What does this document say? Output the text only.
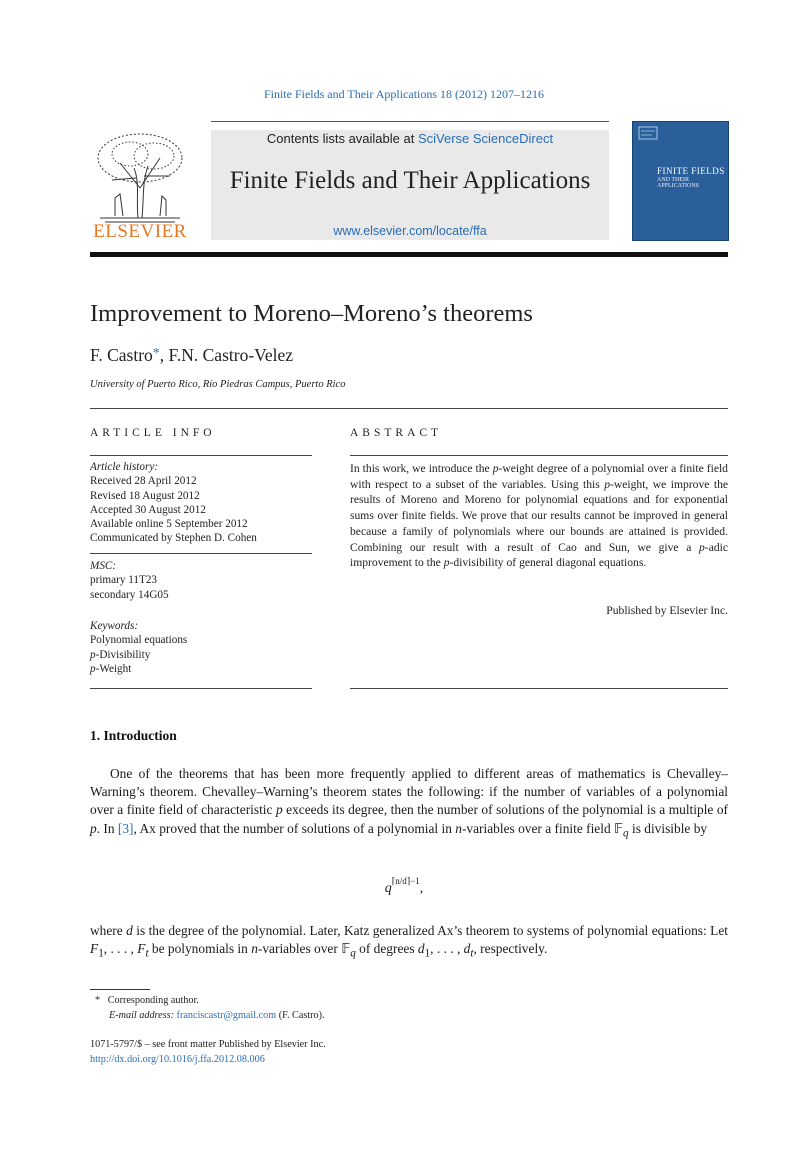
Finite Fields and Their Applications 18 (2012) 1207–1216
ELSEVIER
Contents lists available at SciVerse ScienceDirect
Finite Fields and Their Applications
www.elsevier.com/locate/ffa
FINITE FIELDS
AND THEIR APPLICATIONS
Improvement to Moreno–Moreno’s theorems
F. Castro*, F.N. Castro-Velez
University of Puerto Rico, Río Piedras Campus, Puerto Rico
ARTICLE INFO
Article history:
Received 28 April 2012
Revised 18 August 2012
Accepted 30 August 2012
Available online 5 September 2012
Communicated by Stephen D. Cohen
MSC:
primary 11T23
secondary 14G05
Keywords:
Polynomial equations
p-Divisibility
p-Weight
ABSTRACT
In this work, we introduce the p-weight degree of a polynomial over a finite field with respect to a subset of the variables. Using this p-weight, we improve the results of Moreno and Moreno for polynomial equations and for exponential sums over finite fields. We prove that our results cannot be improved in general because a family of polynomials where our bounds are attained is provided. Combining our result with a result of Cao and Sun, we give a p-adic improvement to the p-divisibility of general diagonal equations.
Published by Elsevier Inc.
1. Introduction
One of the theorems that has been more frequently applied to different areas of mathematics is Chevalley–Warning’s theorem. Chevalley–Warning’s theorem states the following: if the number of variables of a polynomial over a finite field of characteristic p exceeds its degree, then the number of solutions of the polynomial is a multiple of p. In [3], Ax proved that the number of solutions of a polynomial in n-variables over a finite field 𝔽$_q$ is divisible by
$q^{⌈n/d⌉-1}$,
where d is the degree of the polynomial. Later, Katz generalized Ax’s theorem to systems of polynomial equations: Let $F_1$, . . . , $F_t$ be polynomials in n-variables over 𝔽$_q$ of degrees $d_1$, . . . , $d_t$, respectively.
* Corresponding author.
E-mail address: franciscastr@gmail.com (F. Castro).
1071-5797/$ – see front matter Published by Elsevier Inc.
http://dx.doi.org/10.1016/j.ffa.2012.08.006
